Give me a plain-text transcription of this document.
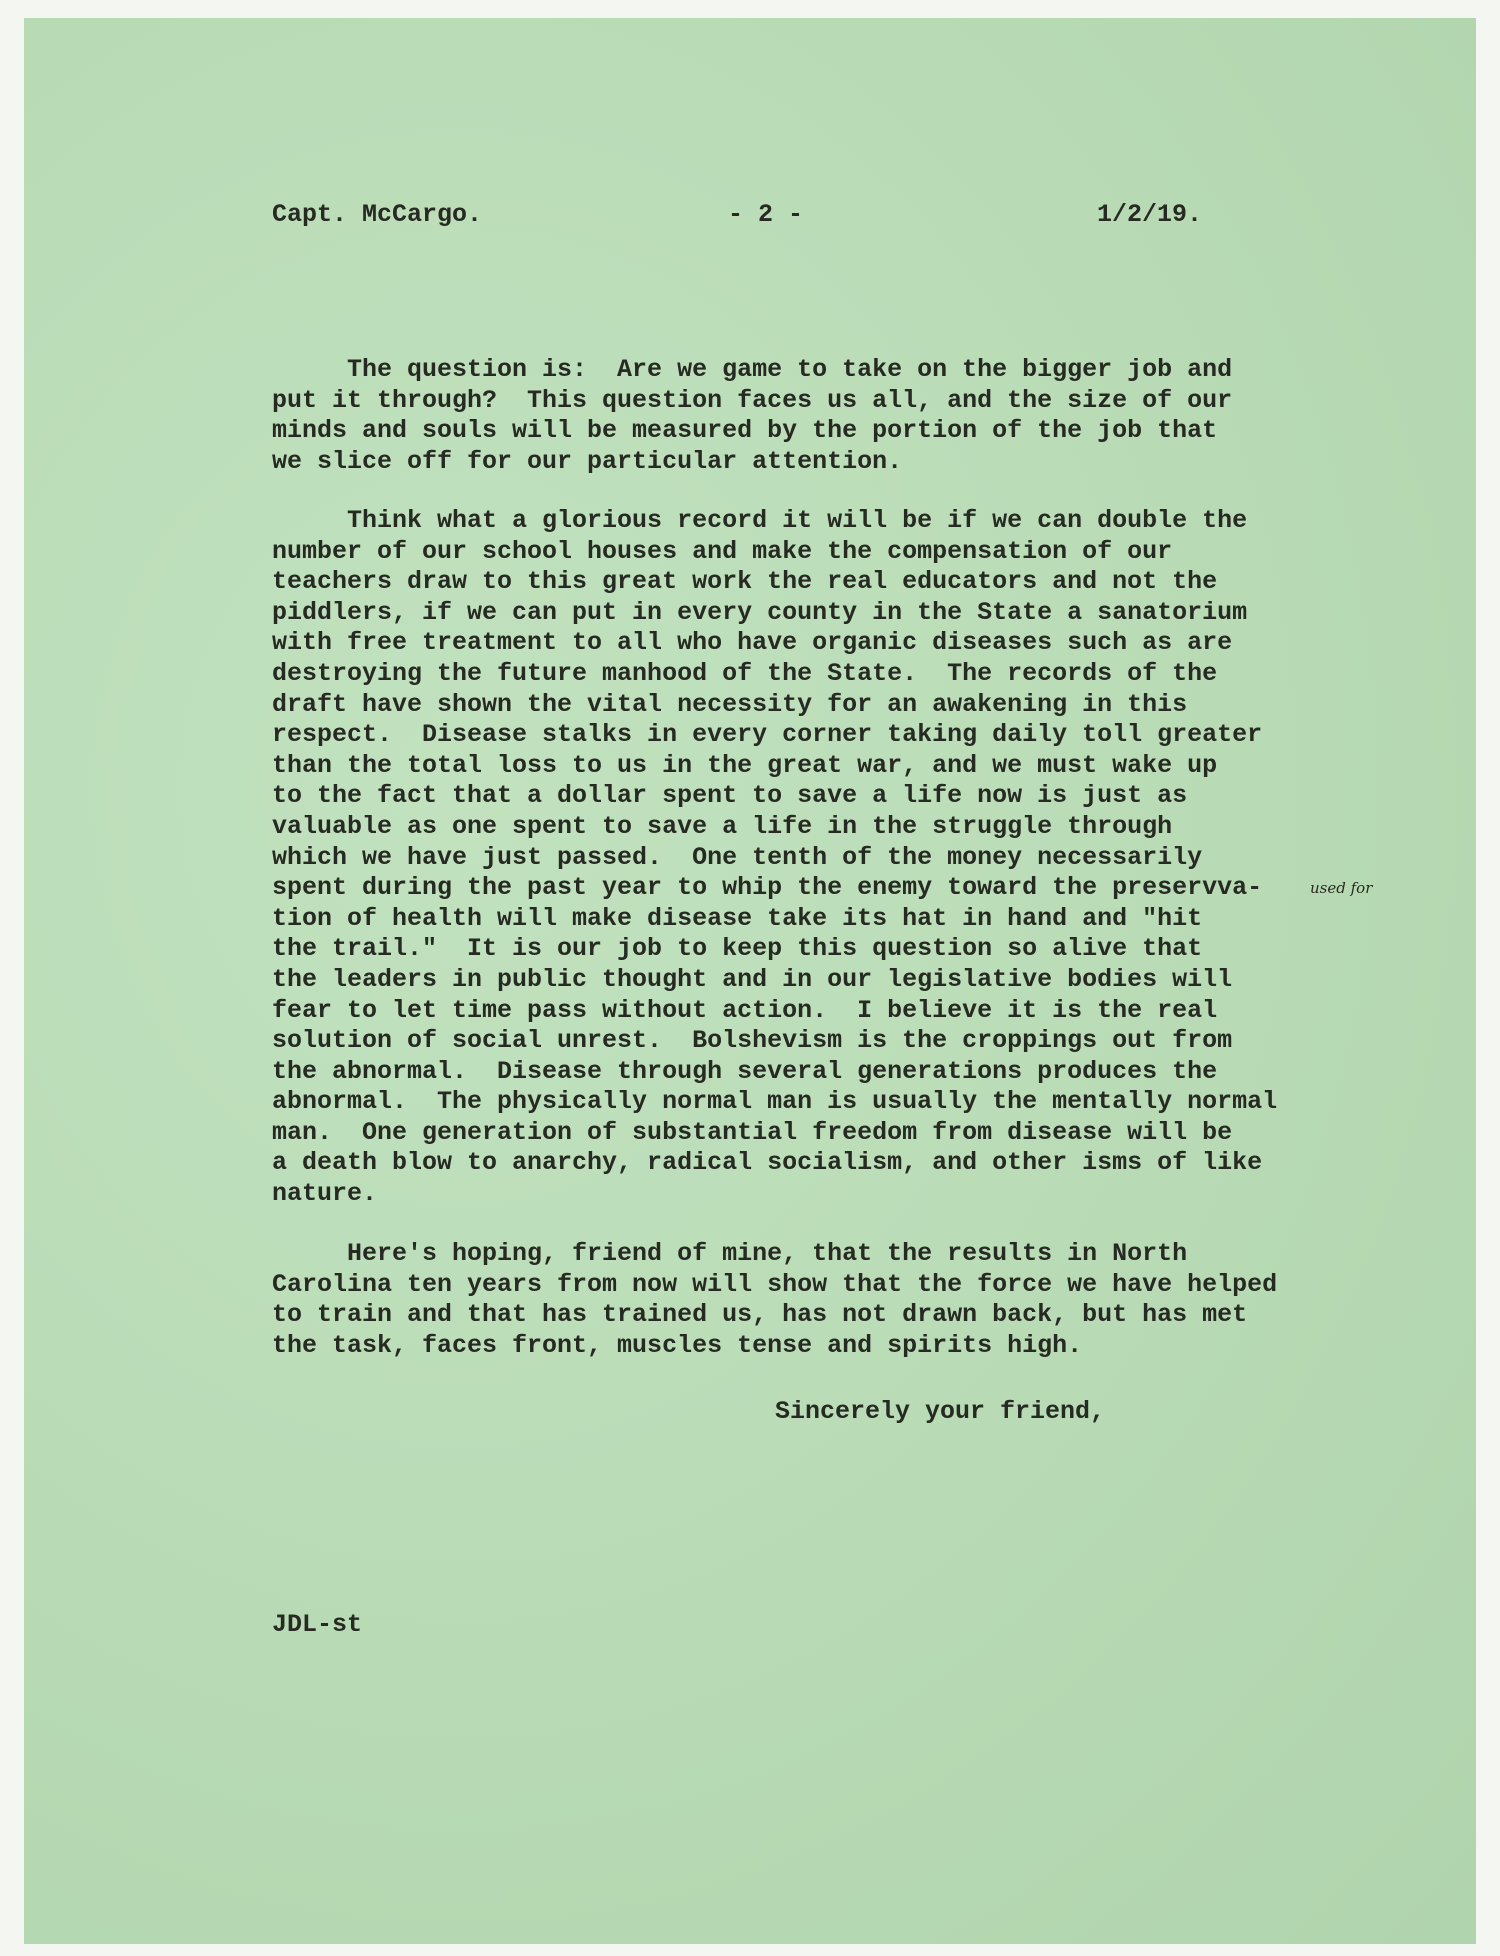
Capt. McCargo.	- 2 -	1/2/19.
The question is:  Are we game to take on the bigger job and
put it through?  This question faces us all, and the size of our
minds and souls will be measured by the portion of the job that
we slice off for our particular attention.
Think what a glorious record it will be if we can double the
number of our school houses and make the compensation of our
teachers draw to this great work the real educators and not the
piddlers, if we can put in every county in the State a sanatorium
with free treatment to all who have organic diseases such as are
destroying the future manhood of the State.  The records of the
draft have shown the vital necessity for an awakening in this
respect.  Disease stalks in every corner taking daily toll greater
than the total loss to us in the great war, and we must wake up
to the fact that a dollar spent to save a life now is just as
valuable as one spent to save a life in the struggle through
which we have just passed.  One tenth of the money necessarily
spent during the past year to whip the enemy toward the preservva-
tion of health will make disease take its hat in hand and "hit
the trail."  It is our job to keep this question so alive that
the leaders in public thought and in our legislative bodies will
fear to let time pass without action.  I believe it is the real
solution of social unrest.  Bolshevism is the croppings out from
the abnormal.  Disease through several generations produces the
abnormal.  The physically normal man is usually the mentally normal
man.  One generation of substantial freedom from disease will be
a death blow to anarchy, radical socialism, and other isms of like
nature.
used for
Here's hoping, friend of mine, that the results in North
Carolina ten years from now will show that the force we have helped
to train and that has trained us, has not drawn back, but has met
the task, faces front, muscles tense and spirits high.
Sincerely your friend,
JDL-st
